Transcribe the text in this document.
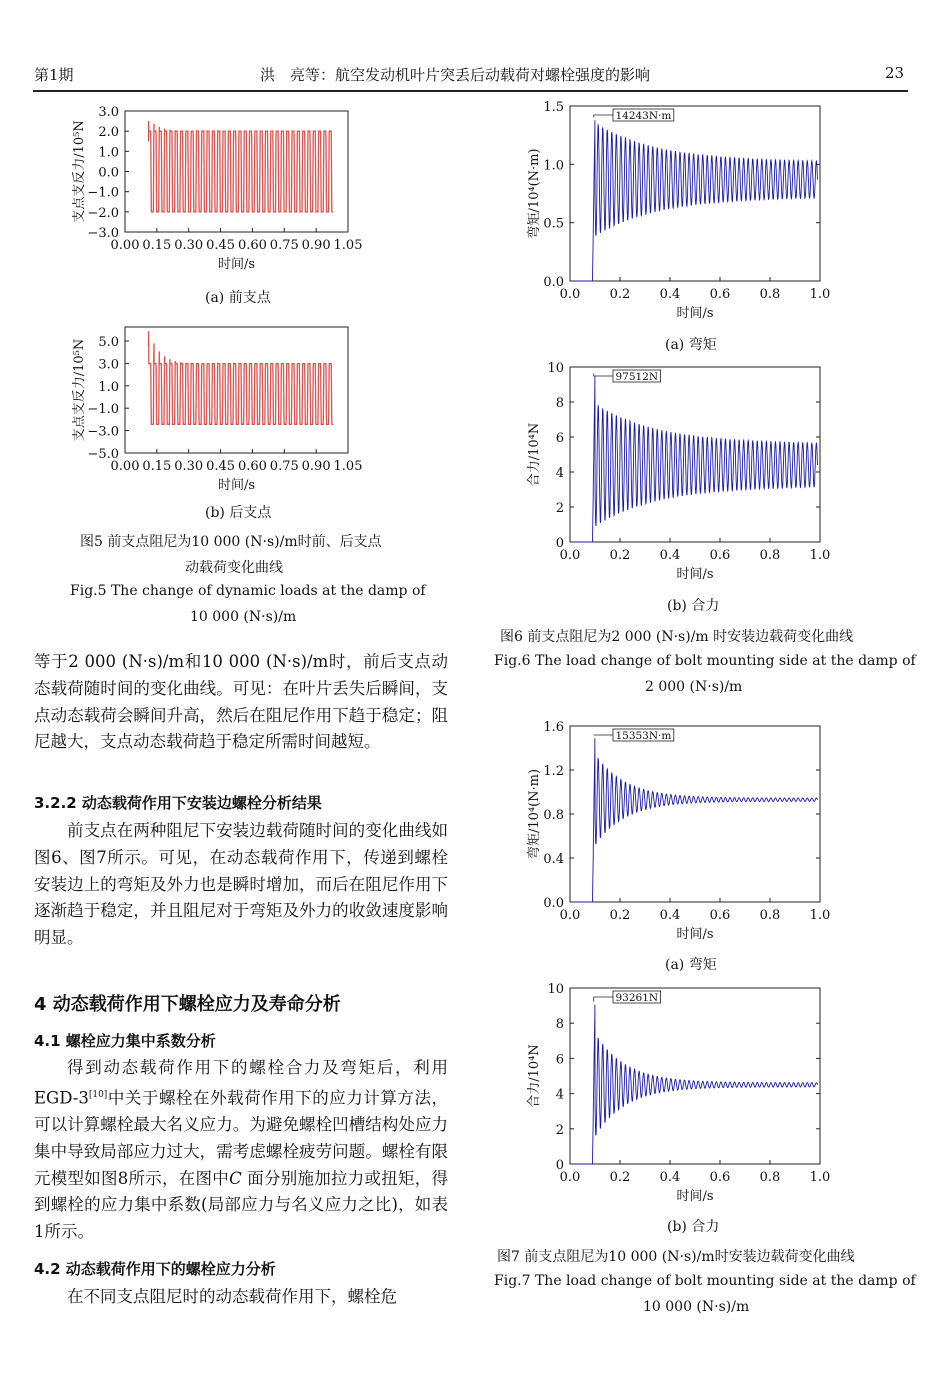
第1期	洪　亮等：航空发动机叶片突丢后动载荷对螺栓强度的影响	23
0.00 0.15 0.30 0.45 0.60 0.75 0.90 1.05
3.0
2.0
1.0
0.0
−1.0
−2.0
−3.0
时间/s
支点支反力/10⁵N
(a) 前支点
0.00 0.15 0.30 0.45 0.60 0.75 0.90 1.05
5.0
3.0
1.0
−1.0
−3.0
−5.0
时间/s
支点支反力/10⁵N
(b) 后支点
图5 前支点阻尼为10 000 (N·s)/m时前、后支点
动载荷变化曲线
Fig.5 The change of dynamic loads at the damp of
10 000 (N·s)/m

等于2 000 (N·s)/m和10 000 (N·s)/m时，前后支点动态载荷随时间的变化曲线。可见：在叶片丢失后瞬间，支点动态载荷会瞬间升高，然后在阻尼作用下趋于稳定；阻尼越大，支点动态载荷趋于稳定所需时间越短。

3.2.2 动态载荷作用下安装边螺栓分析结果

前支点在两种阻尼下安装边载荷随时间的变化曲线如图6、图7所示。可见，在动态载荷作用下，传递到螺栓安装边上的弯矩及外力也是瞬时增加，而后在阻尼作用下逐渐趋于稳定，并且阻尼对于弯矩及外力的收敛速度影响明显。

4 动态载荷作用下螺栓应力及寿命分析
4.1 螺栓应力集中系数分析

得到动态载荷作用下的螺栓合力及弯矩后，利用EGD-3[10]中关于螺栓在外载荷作用下的应力计算方法，可以计算螺栓最大名义应力。为避免螺栓凹槽结构处应力集中导致局部应力过大，需考虑螺栓疲劳问题。螺栓有限元模型如图8所示，在图中C 面分别施加拉力或扭矩，得到螺栓的应力集中系数(局部应力与名义应力之比)，如表1所示。

4.2 动态载荷作用下的螺栓应力分析

在不同支点阻尼时的动态载荷作用下，螺栓危

0.0 0.2 0.4 0.6 0.8 1.0
1.5
1.0
0.5
0.0
时间/s
弯矩/10⁴(N·m)
14243N·m
(a) 弯矩
0.0 0.2 0.4 0.6 0.8 1.0
10
8
6
4
2
0
时间/s
合力/10⁴N
97512N
(b) 合力
图6 前支点阻尼为2 000 (N·s)/m 时安装边载荷变化曲线
Fig.6 The load change of bolt mounting side at the damp of
2 000 (N·s)/m
0.0 0.2 0.4 0.6 0.8 1.0
1.6
1.2
0.8
0.4
0.0
时间/s
弯矩/10⁴(N·m)
15353N·m
(a) 弯矩
0.0 0.2 0.4 0.6 0.8 1.0
10
8
6
4
2
0
时间/s
合力/10⁴N
93261N
(b) 合力
图7 前支点阻尼为10 000 (N·s)/m时安装边载荷变化曲线
Fig.7 The load change of bolt mounting side at the damp of
10 000 (N·s)/m
